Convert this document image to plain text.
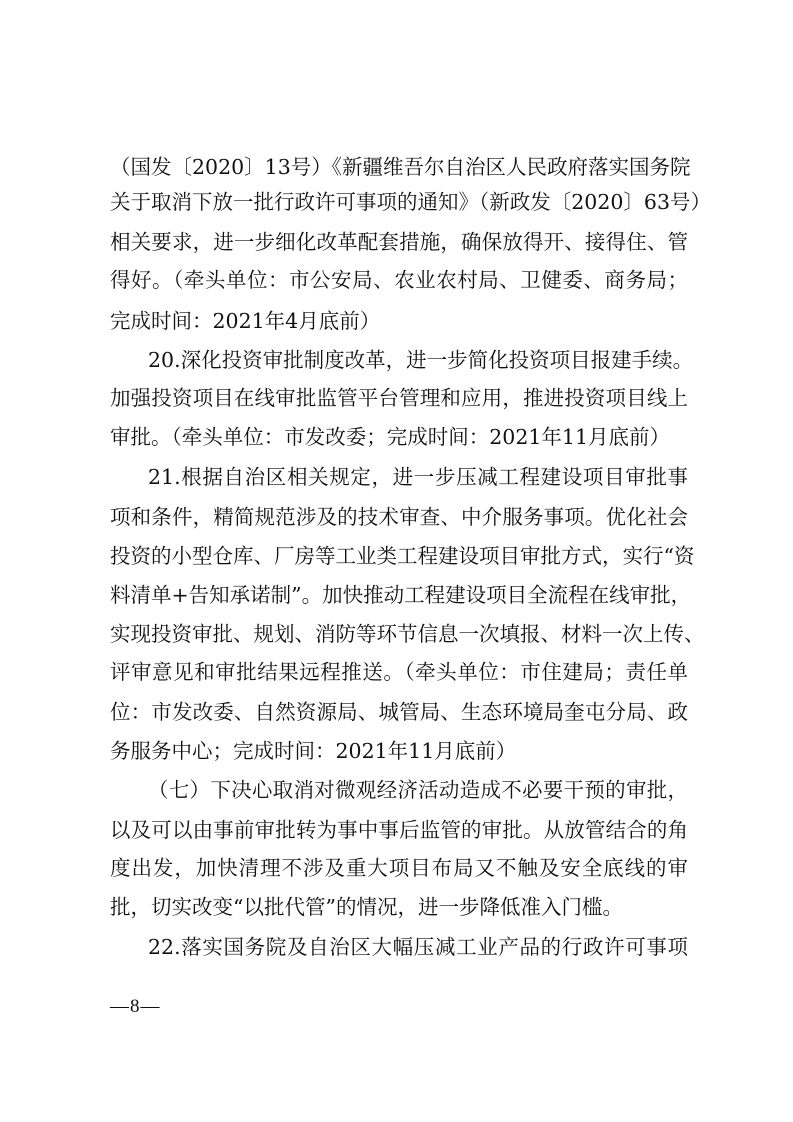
（国发〔2020〕13号）《新疆维吾尔自治区人民政府落实国务院
关于取消下放一批行政许可事项的通知》（新政发〔2020〕63号）
相关要求，进一步细化改革配套措施，确保放得开、接得住、管
得好。（牵头单位：市公安局、农业农村局、卫健委、商务局；
完成时间：2021年4月底前）
20.深化投资审批制度改革，进一步简化投资项目报建手续。
加强投资项目在线审批监管平台管理和应用，推进投资项目线上
审批。（牵头单位：市发改委；完成时间：2021年11月底前）
21.根据自治区相关规定，进一步压减工程建设项目审批事
项和条件，精简规范涉及的技术审查、中介服务事项。优化社会
投资的小型仓库、厂房等工业类工程建设项目审批方式，实行“资
料清单+告知承诺制”。加快推动工程建设项目全流程在线审批，
实现投资审批、规划、消防等环节信息一次填报、材料一次上传、
评审意见和审批结果远程推送。（牵头单位：市住建局；责任单
位：市发改委、自然资源局、城管局、生态环境局奎屯分局、政
务服务中心；完成时间：2021年11月底前）
（七）下决心取消对微观经济活动造成不必要干预的审批，
以及可以由事前审批转为事中事后监管的审批。从放管结合的角
度出发，加快清理不涉及重大项目布局又不触及安全底线的审
批，切实改变“以批代管”的情况，进一步降低准入门槛。
22.落实国务院及自治区大幅压减工业产品的行政许可事项
—8—
